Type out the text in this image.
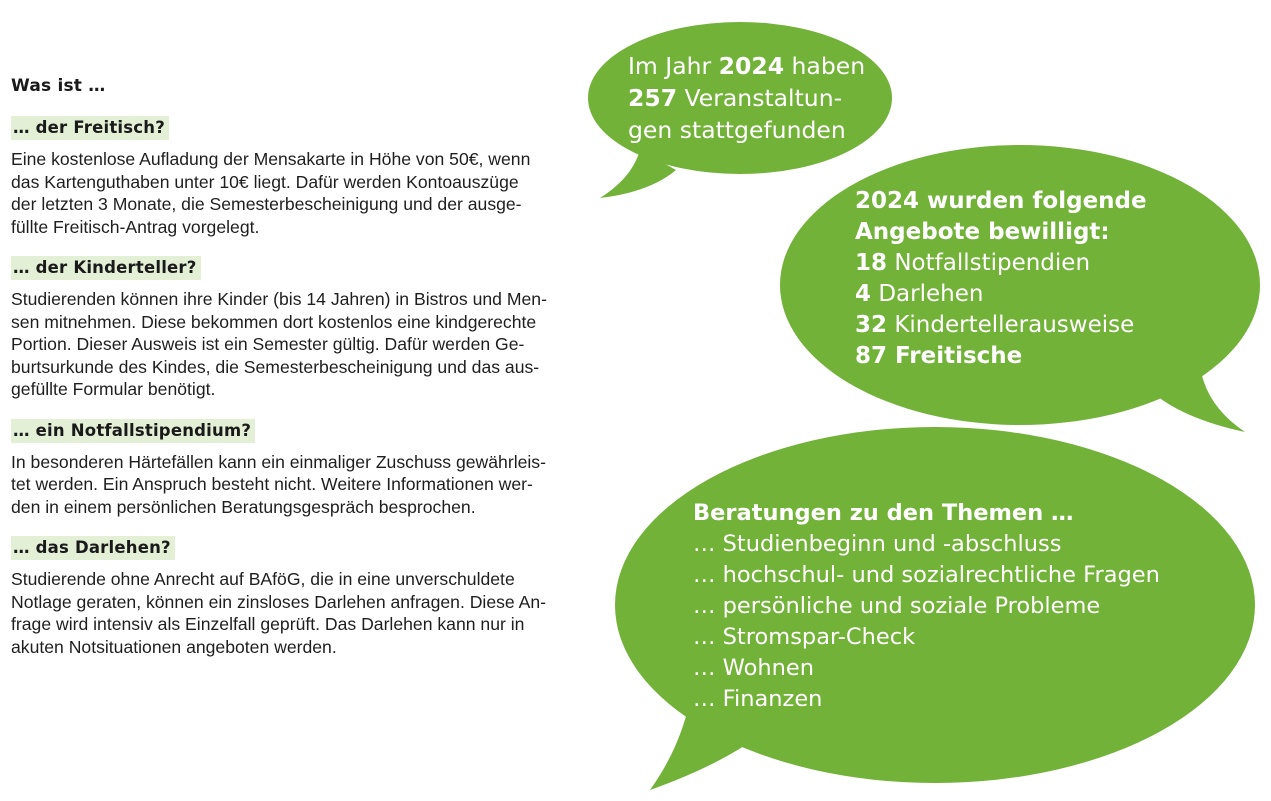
Was ist …
… der Freitisch?
Eine kostenlose Aufladung der Mensakarte in Höhe von 50€, wenn
das Kartenguthaben unter 10€ liegt. Dafür werden Kontoauszüge
der letzten 3 Monate, die Semesterbescheinigung und der ausge-
füllte Freitisch-Antrag vorgelegt.
… der Kinderteller?
Studierenden können ihre Kinder (bis 14 Jahren) in Bistros und Men-
sen mitnehmen. Diese bekommen dort kostenlos eine kindgerechte
Portion. Dieser Ausweis ist ein Semester gültig. Dafür werden Ge-
burtsurkunde des Kindes, die Semesterbescheinigung und das aus-
gefüllte Formular benötigt.
… ein Notfallstipendium?
In besonderen Härtefällen kann ein einmaliger Zuschuss gewährleis-
tet werden. Ein Anspruch besteht nicht. Weitere Informationen wer-
den in einem persönlichen Beratungsgespräch besprochen.
… das Darlehen?
Studierende ohne Anrecht auf BAföG, die in eine unverschuldete
Notlage geraten, können ein zinsloses Darlehen anfragen. Diese An-
frage wird intensiv als Einzelfall geprüft. Das Darlehen kann nur in
akuten Notsituationen angeboten werden.
Im Jahr 2024 haben
257 Veranstaltun-
gen stattgefunden
2024 wurden folgende
Angebote bewilligt:
18 Notfallstipendien
4 Darlehen
32 Kindertellerausweise
87 Freitische
Beratungen zu den Themen …
… Studienbeginn und -abschluss
… hochschul- und sozialrechtliche Fragen
… persönliche und soziale Probleme
… Stromspar-Check
… Wohnen
… Finanzen
